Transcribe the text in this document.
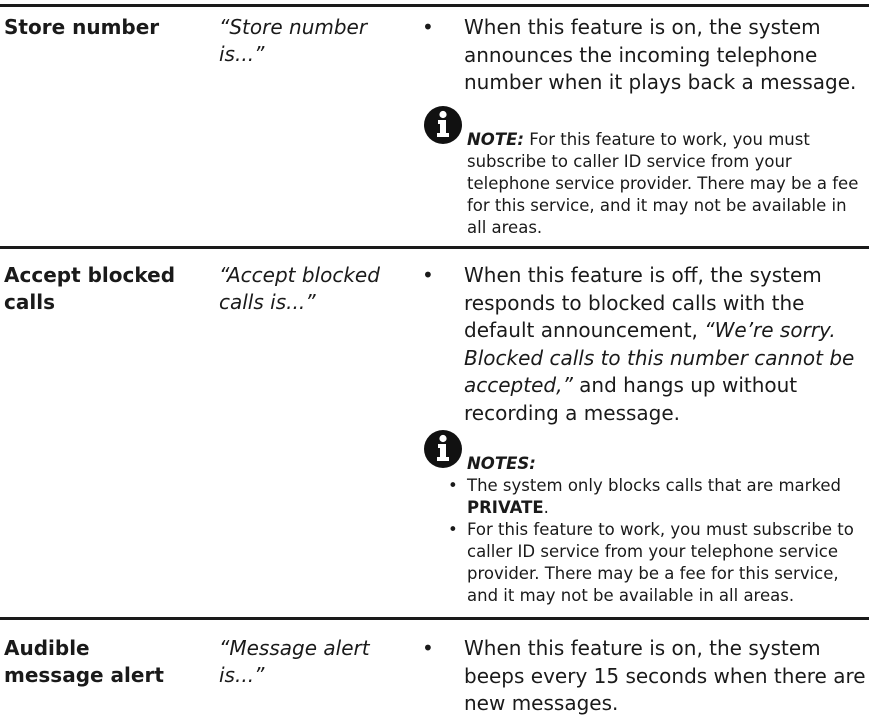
Store number	“Store number is...”
• When this feature is on, the system announces the incoming telephone number when it plays back a message.
NOTE: For this feature to work, you must subscribe to caller ID service from your telephone service provider. There may be a fee for this service, and it may not be available in all areas.
Accept blocked calls
“Accept blocked calls is...”
• When this feature is off, the system responds to blocked calls with the default announcement, “We’re sorry. Blocked calls to this number cannot be accepted,” and hangs up without recording a message.
NOTES:
• The system only blocks calls that are marked PRIVATE.
• For this feature to work, you must subscribe to caller ID service from your telephone service provider. There may be a fee for this service, and it may not be available in all areas.
Audible message alert
“Message alert is...”
• When this feature is on, the system beeps every 15 seconds when there are new messages.
